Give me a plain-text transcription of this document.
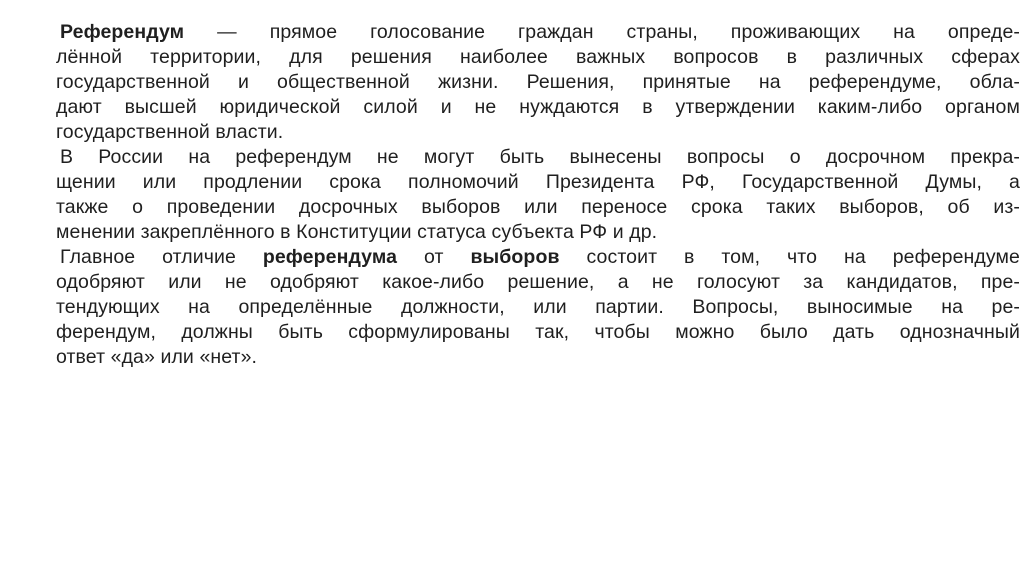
Референдум — прямое голосование граждан страны, проживающих на опреде-
лённой территории, для решения наиболее важных вопросов в различных сферах
государственной и общественной жизни. Решения, принятые на референдуме, обла-
дают высшей юридической силой и не нуждаются в утверждении каким-либо органом
государственной власти.
В России на референдум не могут быть вынесены вопросы о досрочном прекра-
щении или продлении срока полномочий Президента РФ, Государственной Думы, а
также о проведении досрочных выборов или переносе срока таких выборов, об из-
менении закреплённого в Конституции статуса субъекта РФ и др.
Главное отличие референдума от выборов состоит в том, что на референдуме
одобряют или не одобряют какое-либо решение, а не голосуют за кандидатов, пре-
тендующих на определённые должности, или партии. Вопросы, выносимые на ре-
ферендум, должны быть сформулированы так, чтобы можно было дать однозначный
ответ «да» или «нет».
